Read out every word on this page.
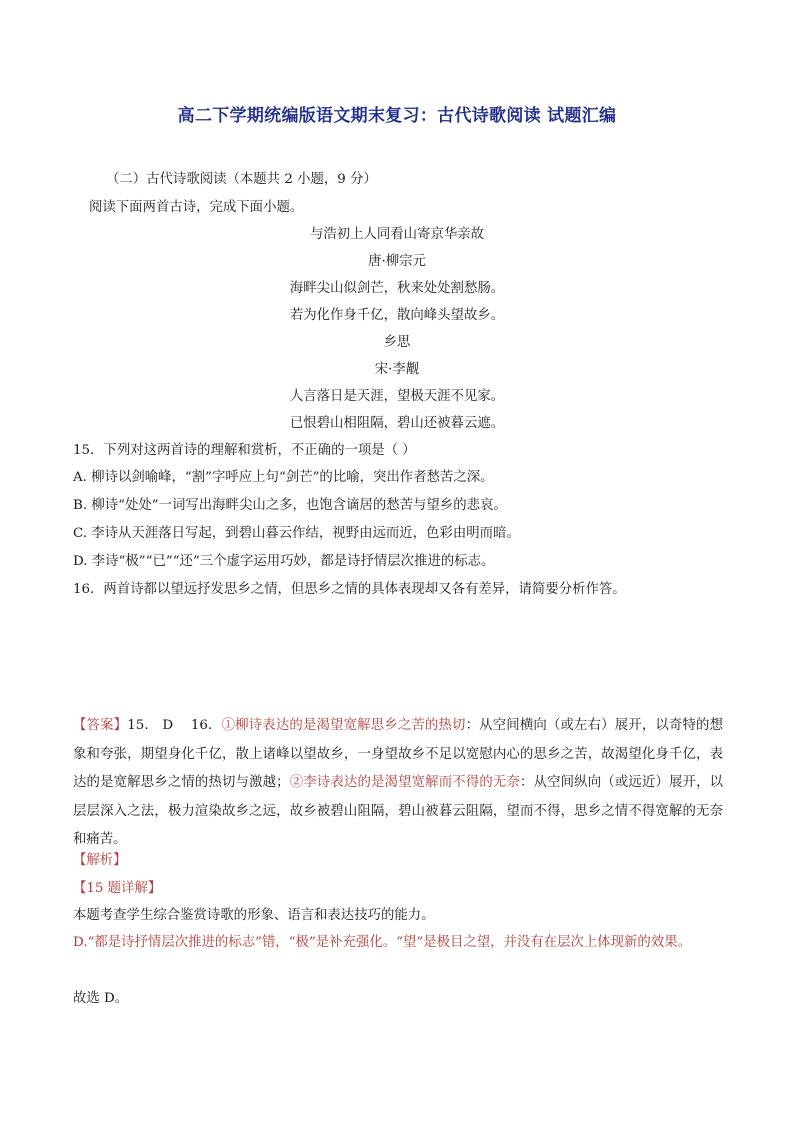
高二下学期统编版语文期末复习：古代诗歌阅读 试题汇编
（二）古代诗歌阅读（本题共 2 小题，9 分）
阅读下面两首古诗，完成下面小题。
与浩初上人同看山寄京华亲故
唐·柳宗元
海畔尖山似剑芒，秋来处处割愁肠。
若为化作身千亿，散向峰头望故乡。
乡思
宋·李觏
人言落日是天涯，望极天涯不见家。
已恨碧山相阻隔，碧山还被暮云遮。
15．下列对这两首诗的理解和赏析，不正确的一项是（ ）
A. 柳诗以剑喻峰，“割”字呼应上句“剑芒”的比喻，突出作者愁苦之深。
B. 柳诗“处处”一词写出海畔尖山之多，也饱含谪居的愁苦与望乡的悲哀。
C. 李诗从天涯落日写起，到碧山暮云作结，视野由远而近，色彩由明而暗。
D. 李诗“极”“已”“还”三个虚字运用巧妙，都是诗抒情层次推进的标志。
16．两首诗都以望远抒发思乡之情，但思乡之情的具体表现却又各有差异，请简要分析作答。
【答案】15． D 16．①柳诗表达的是渴望宽解思乡之苦的热切：从空间横向（或左右）展开，以奇特的想象和夸张，期望身化千亿，散上诸峰以望故乡，一身望故乡不足以宽慰内心的思乡之苦，故渴望化身千亿，表达的是宽解思乡之情的热切与激越；②李诗表达的是渴望宽解而不得的无奈：从空间纵向（或远近）展开，以层层深入之法，极力渲染故乡之远，故乡被碧山阻隔，碧山被暮云阻隔，望而不得，思乡之情不得宽解的无奈和痛苦。
【解析】
【15 题详解】
本题考查学生综合鉴赏诗歌的形象、语言和表达技巧的能力。
D.“都是诗抒情层次推进的标志”错，“极”是补充强化。“望”是极目之望，并没有在层次上体现新的效果。
故选 D。
